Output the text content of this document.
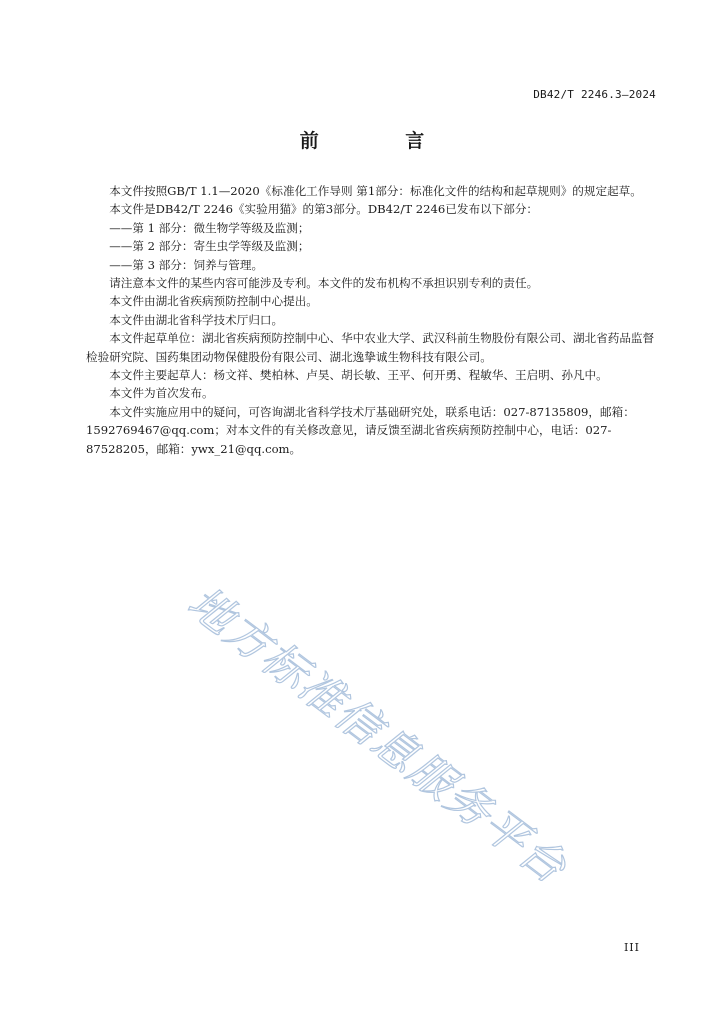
DB42/T 2246.3—2024
前 言

本文件按照GB/T 1.1—2020《标准化工作导则 第1部分：标准化文件的结构和起草规则》的规定起草。

本文件是DB42/T 2246《实验用猫》的第3部分。DB42/T 2246已发布以下部分：

——第 1 部分：微生物学等级及监测；

——第 2 部分：寄生虫学等级及监测；

——第 3 部分：饲养与管理。

请注意本文件的某些内容可能涉及专利。本文件的发布机构不承担识别专利的责任。

本文件由湖北省疾病预防控制中心提出。

本文件由湖北省科学技术厅归口。

本文件起草单位：湖北省疾病预防控制中心、华中农业大学、武汉科前生物股份有限公司、湖北省药品监督检验研究院、国药集团动物保健股份有限公司、湖北逸挚诚生物科技有限公司。

本文件主要起草人：杨文祥、樊柏林、卢昊、胡长敏、王平、何开勇、程敏华、王启明、孙凡中。

本文件为首次发布。

本文件实施应用中的疑问，可咨询湖北省科学技术厅基础研究处，联系电话：027-87135809，邮箱：1592769467@qq.com；对本文件的有关修改意见，请反馈至湖北省疾病预防控制中心，电话：027-87528205，邮箱：ywx_21@qq.com。

地方标准信息服务平台
III
